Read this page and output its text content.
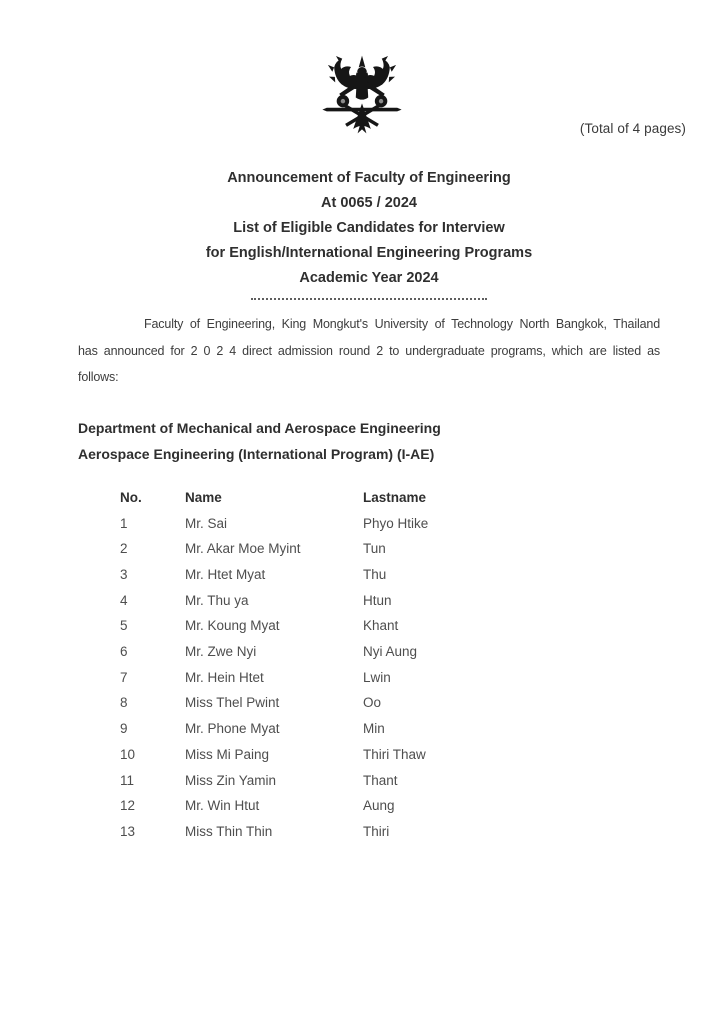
(Total of 4 pages)
Announcement of Faculty of Engineering
At 0065 / 2024
List of Eligible Candidates for Interview
for English/International Engineering Programs
Academic Year 2024
Faculty of Engineering, King Mongkut's University of Technology North Bangkok, Thailand
has announced for 2 0 2 4 direct admission round 2 to undergraduate programs, which are listed as
follows:
Department of Mechanical and Aerospace Engineering
Aerospace Engineering (International Program) (I-AE)
No.	Name	Lastname
1	Mr. Sai	Phyo Htike
2	Mr. Akar Moe Myint	Tun
3	Mr. Htet Myat	Thu
4	Mr. Thu ya	Htun
5	Mr. Koung Myat	Khant
6	Mr. Zwe Nyi	Nyi Aung
7	Mr. Hein Htet	Lwin
8	Miss Thel Pwint	Oo
9	Mr. Phone Myat	Min
10	Miss Mi Paing	Thiri Thaw
11	Miss Zin Yamin	Thant
12	Mr. Win Htut	Aung
13	Miss Thin Thin	Thiri
